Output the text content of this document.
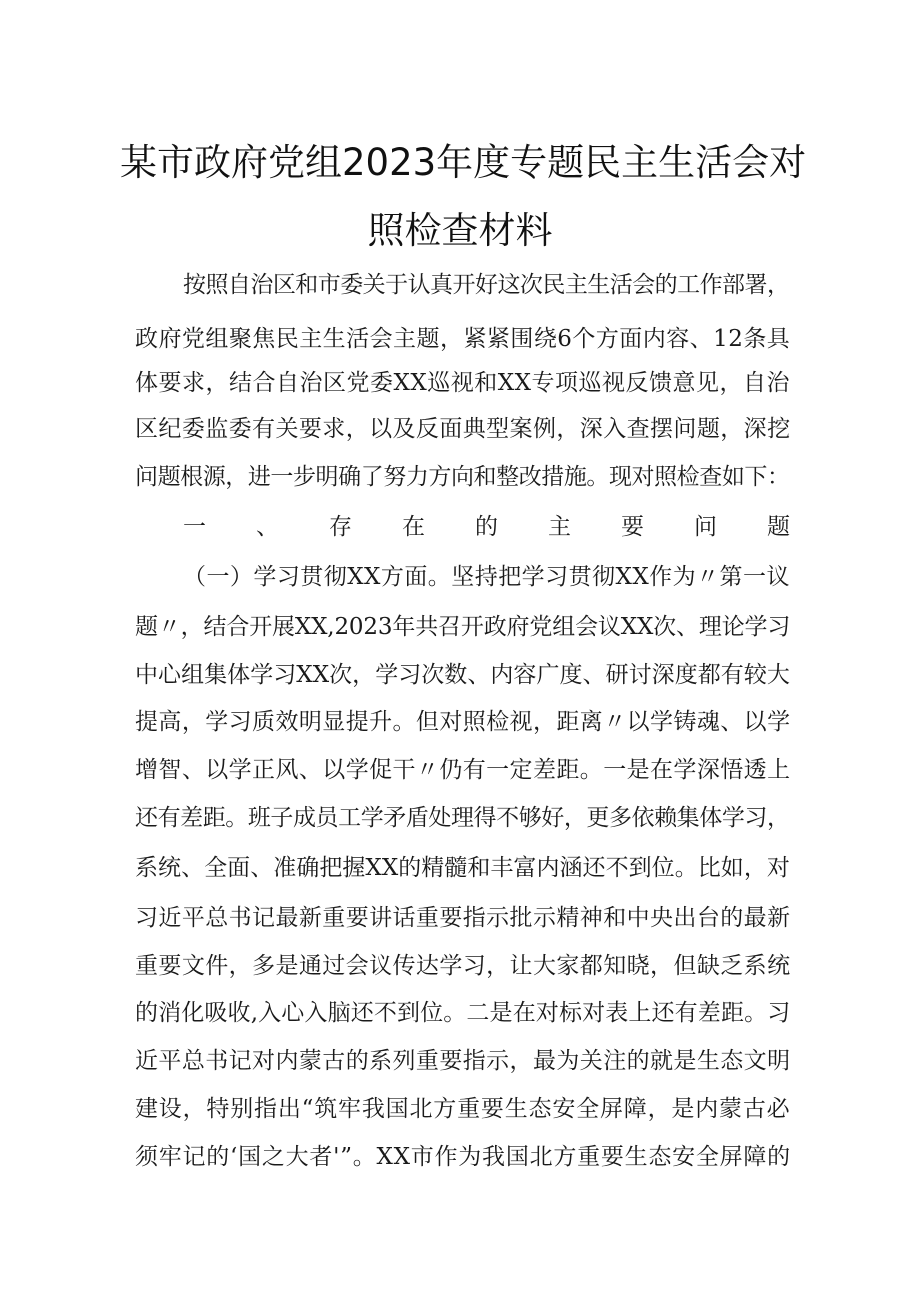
某市政府党组2023年度专题民主生活会对
照检查材料

按照自治区和市委关于认真开好这次民主生活会的工作部署，

政府党组聚焦民主生活会主题，紧紧围绕6个方面内容、12条具

体要求，结合自治区党委XX巡视和XX专项巡视反馈意见，自治

区纪委监委有关要求，以及反面典型案例，深入查摆问题，深挖

问题根源，进一步明确了努力方向和整改措施。现对照检查如下：

一、存在的主要问题

（一）学习贯彻XX方面。坚持把学习贯彻XX作为〃第一议

题〃，结合开展XX,2023年共召开政府党组会议XX次、理论学习

中心组集体学习XX次，学习次数、内容广度、研讨深度都有较大

提高，学习质效明显提升。但对照检视，距离〃以学铸魂、以学

增智、以学正风、以学促干〃仍有一定差距。一是在学深悟透上

还有差距。班子成员工学矛盾处理得不够好，更多依赖集体学习，

系统、全面、准确把握XX的精髓和丰富内涵还不到位。比如，对

习近平总书记最新重要讲话重要指示批示精神和中央出台的最新

重要文件，多是通过会议传达学习，让大家都知晓，但缺乏系统

的消化吸收,入心入脑还不到位。二是在对标对表上还有差距。习

近平总书记对内蒙古的系列重要指示，最为关注的就是生态文明

建设，特别指出“筑牢我国北方重要生态安全屏障，是内蒙古必

须牢记的‘国之大者'”。XX市作为我国北方重要生态安全屏障的
